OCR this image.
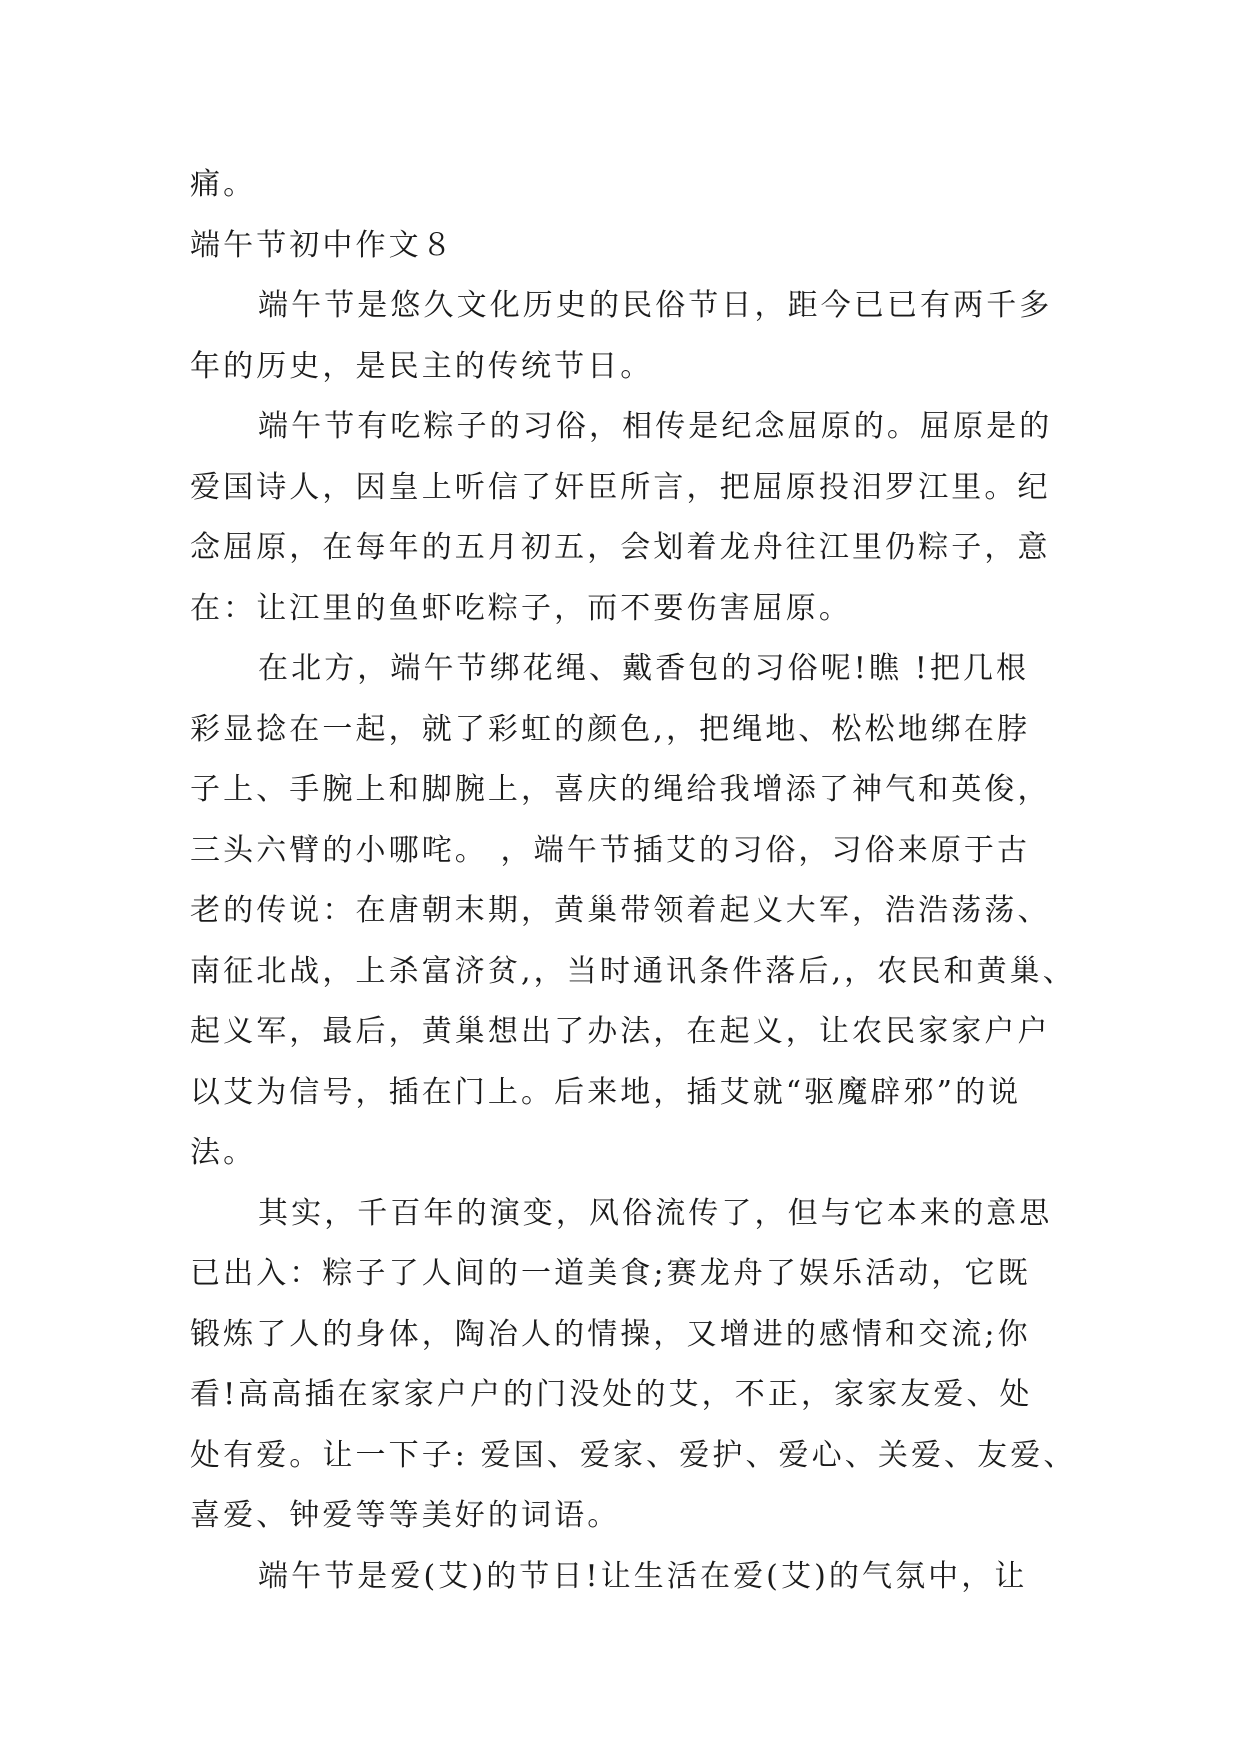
痛。
端午节初中作文８
端午节是悠久文化历史的民俗节日，距今已已有两千多
年的历史，是民主的传统节日。
端午节有吃粽子的习俗，相传是纪念屈原的。屈原是的
爱国诗人，因皇上听信了奸臣所言，把屈原投汨罗江里。纪
念屈原，在每年的五月初五，会划着龙舟往江里仍粽子，意
在：让江里的鱼虾吃粽子，而不要伤害屈原。
在北方，端午节绑花绳、戴香包的习俗呢!瞧 !把几根
彩显捻在一起，就了彩虹的颜色,，把绳地、松松地绑在脖
子上、手腕上和脚腕上，喜庆的绳给我增添了神气和英俊，
三头六臂的小哪咤。 ，端午节插艾的习俗，习俗来原于古
老的传说：在唐朝末期，黄巢带领着起义大军，浩浩荡荡、
南征北战，上杀富济贫,，当时通讯条件落后,，农民和黄巢、
起义军，最后，黄巢想出了办法，在起义，让农民家家户户
以艾为信号，插在门上。后来地，插艾就“驱魔辟邪”的说
法。
其实，千百年的演变，风俗流传了，但与它本来的意思
已出入：粽子了人间的一道美食;赛龙舟了娱乐活动，它既
锻炼了人的身体，陶冶人的情操，又增进的感情和交流;你
看!高高插在家家户户的门没处的艾，不正，家家友爱、处
处有爱。让一下子: 爱国、爱家、爱护、爱心、关爱、友爱、
喜爱、钟爱等等美好的词语。
端午节是爱(艾)的节日!让生活在爱(艾)的气氛中，让
